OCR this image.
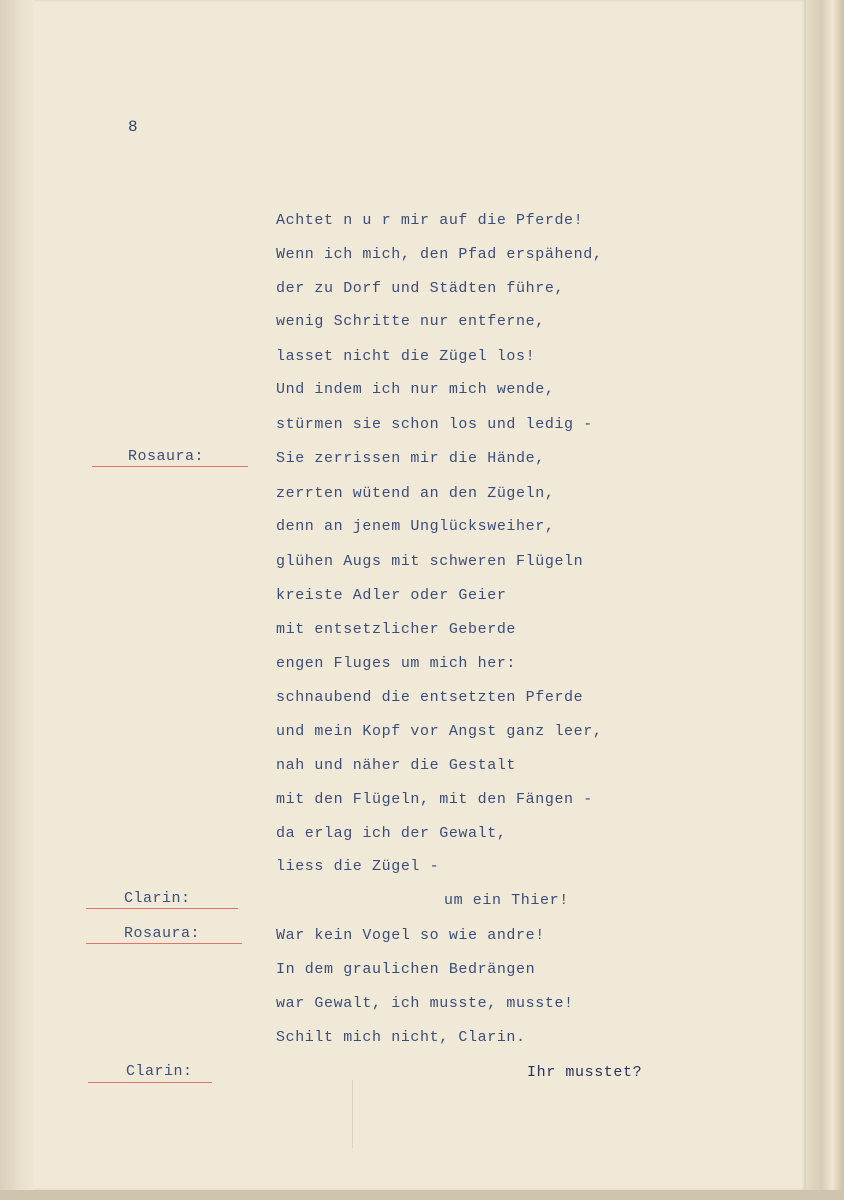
8
Rosaura:
Clarin:
Rosaura:
Clarin:
Achtet n u r mir auf die Pferde!
Wenn ich mich, den Pfad erspähend,
der zu Dorf und Städten führe,
wenig Schritte nur entferne,
lasset nicht die Zügel los!
Und indem ich nur mich wende,
stürmen sie schon los und ledig -
Sie zerrissen mir die Hände,
zerrten wütend an den Zügeln,
denn an jenem Unglücksweiher,
glühen Augs mit schweren Flügeln
kreiste Adler oder Geier
mit entsetzlicher Geberde
engen Fluges um mich her:
schnaubend die entsetzten Pferde
und mein Kopf vor Angst ganz leer,
nah und näher die Gestalt
mit den Flügeln, mit den Fängen -
da erlag ich der Gewalt,
liess die Zügel -
um ein Thier!
War kein Vogel so wie andre!
In dem graulichen Bedrängen
war Gewalt, ich musste, musste!
Schilt mich nicht, Clarin.
Ihr musstet?
